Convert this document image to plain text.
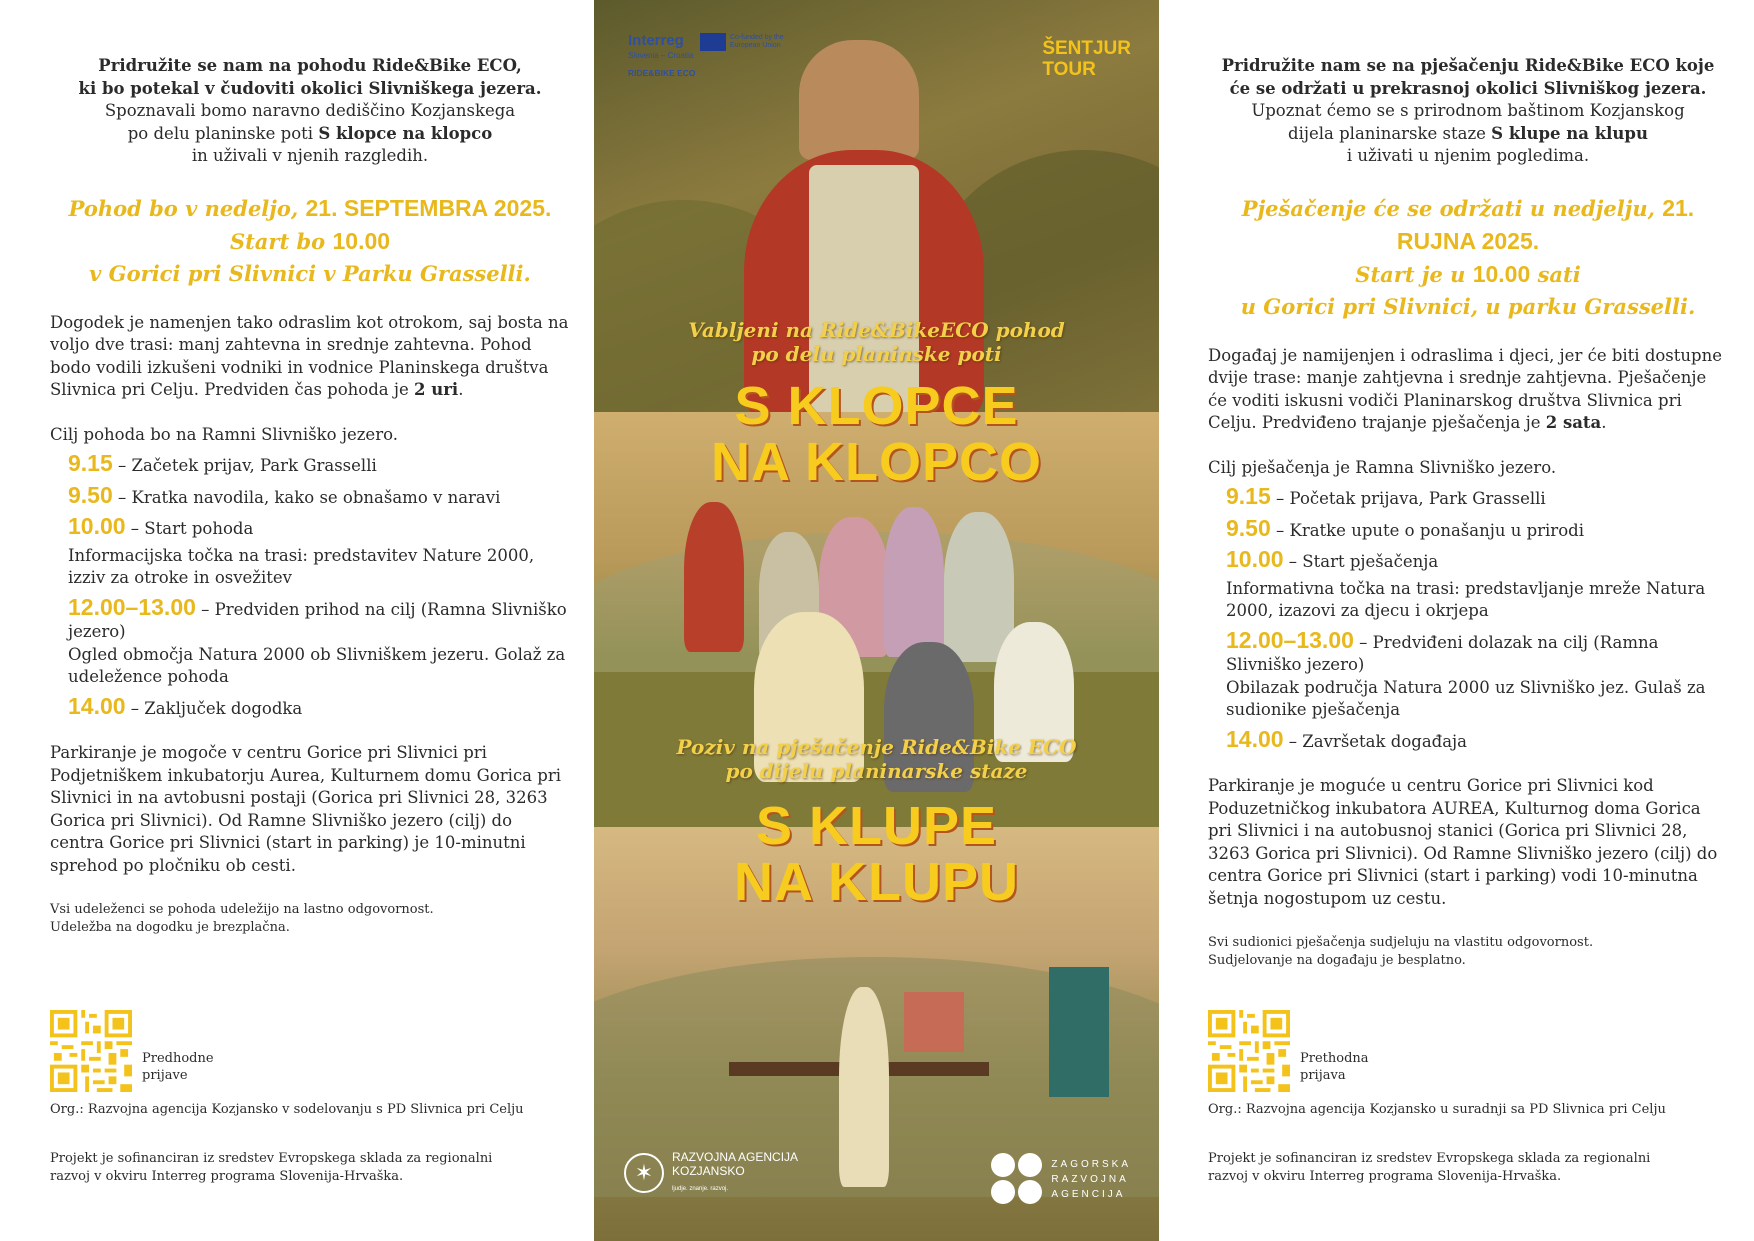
Pridružite se nam na pohodu Ride&Bike ECO,
ki bo potekal v čudoviti okolici Slivniškega jezera.
Spoznavali bomo naravno dediščino Kozjanskega
po delu planinske poti S klopce na klopco
in uživali v njenih razgledih.
Pohod bo v nedeljo, 21. SEPTEMBRA 2025.
Start bo 10.00
v Gorici pri Slivnici v Parku Grasselli.
Dogodek je namenjen tako odraslim kot otrokom, saj bosta na voljo dve trasi: manj zahtevna in srednje zahtevna. Pohod bodo vodili izkušeni vodniki in vodnice Planinskega društva Slivnica pri Celju. Predviden čas pohoda je 2 uri.
Cilj pohoda bo na Ramni Slivniško jezero.
9.15 – Začetek prijav, Park Grasselli
9.50 – Kratka navodila, kako se obnašamo v naravi
10.00 – Start pohoda
Informacijska točka na trasi: predstavitev Nature 2000, izziv za otroke in osvežitev
12.00–13.00 – Predviden prihod na cilj (Ramna Slivniško jezero)
Ogled območja Natura 2000 ob Slivniškem jezeru. Golaž za udeležence pohoda
14.00 – Zaključek dogodka
Parkiranje je mogoče v centru Gorice pri Slivnici pri Podjetniškem inkubatorju Aurea, Kulturnem domu Gorica pri Slivnici in na avtobusni postaji (Gorica pri Slivnici 28, 3263 Gorica pri Slivnici). Od Ramne Slivniško jezero (cilj) do centra Gorice pri Slivnici (start in parking) je 10-minutni sprehod po pločniku ob cesti.
Vsi udeleženci se pohoda udeležijo na lastno odgovornost.
Udeležba na dogodku je brezplačna.
Predhodne
prijave
Org.: Razvojna agencija Kozjansko v sodelovanju s PD Slivnica pri Celju
Projekt je sofinanciran iz sredstev Evropskega sklada za regionalni
razvoj v okviru Interreg programa Slovenija-Hrvaška.
Interreg
Slovenia – Croatia
RIDE&BIKE ECO
Co-funded by the European Union	ŠENTJUR
TOUR
Vabljeni na Ride&BikeECO pohod
po delu planinske poti
S KLOPCE
NA KLOPCO
Poziv na pješačenje Ride&Bike ECO
po dijelu planinarske staze
S KLUPE
NA KLUPU
✶
RAZVOJNA AGENCIJA
KOZJANSKO
ljudje. znanje. razvoj.
ZAGORSKA
RAZVOJNA
AGENCIJA
Pridružite nam se na pješačenju Ride&Bike ECO koje
će se održati u prekrasnoj okolici Slivniškog jezera.
Upoznat ćemo se s prirodnom baštinom Kozjanskog
dijela planinarske staze S klupe na klupu
i uživati u njenim pogledima.
Pješačenje će se održati u nedjelju, 21. RUJNA 2025.
Start je u 10.00 sati
u Gorici pri Slivnici, u parku Grasselli.
Događaj je namijenjen i odraslima i djeci, jer će biti dostupne dvije trase: manje zahtjevna i srednje zahtjevna. Pješačenje će voditi iskusni vodiči Planinarskog društva Slivnica pri Celju. Predviđeno trajanje pješačenja je 2 sata.
Cilj pješačenja je Ramna Slivniško jezero.
9.15 – Početak prijava, Park Grasselli
9.50 – Kratke upute o ponašanju u prirodi
10.00 – Start pješačenja
Informativna točka na trasi: predstavljanje mreže Natura 2000, izazovi za djecu i okrjepa
12.00–13.00 – Predviđeni dolazak na cilj (Ramna Slivniško jezero)
Obilazak područja Natura 2000 uz Slivniško jez. Gulaš za sudionike pješačenja
14.00 – Završetak događaja
Parkiranje je moguće u centru Gorice pri Slivnici kod Poduzetničkog inkubatora AUREA, Kulturnog doma Gorica pri Slivnici i na autobusnoj stanici (Gorica pri Slivnici 28, 3263 Gorica pri Slivnici). Od Ramne Slivniško jezero (cilj) do centra Gorice pri Slivnici (start i parking) vodi 10-minutna šetnja nogostupom uz cestu.
Svi sudionici pješačenja sudjeluju na vlastitu odgovornost.
Sudjelovanje na događaju je besplatno.
Prethodna
prijava
Org.: Razvojna agencija Kozjansko u suradnji sa PD Slivnica pri Celju
Projekt je sofinanciran iz sredstev Evropskega sklada za regionalni
razvoj v okviru Interreg programa Slovenija-Hrvaška.
